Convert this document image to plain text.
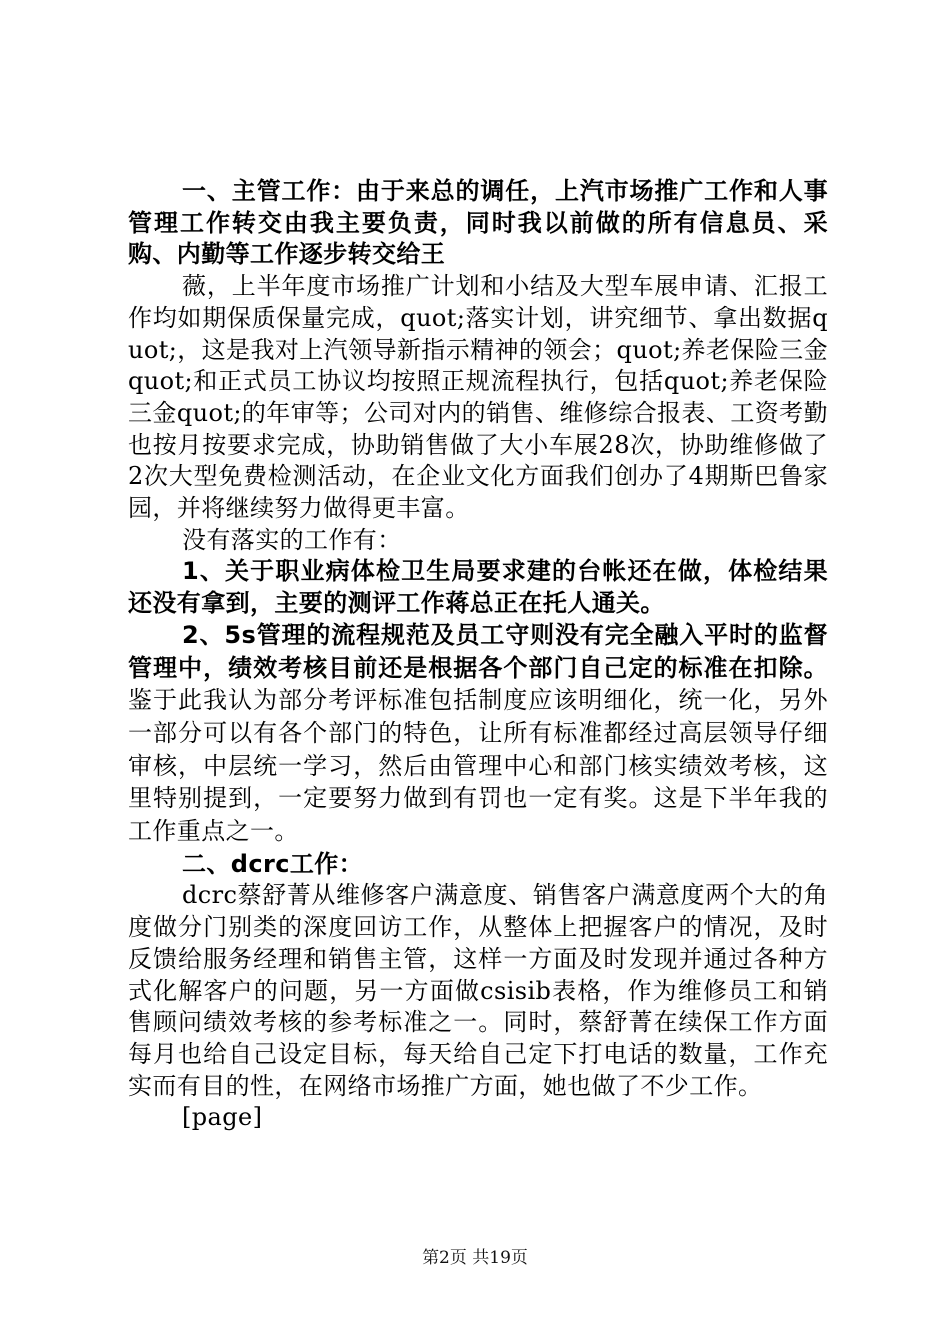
一、主管工作：由于来总的调任，上汽市场推广工作和人事管理工作转交由我主要负责，同时我以前做的所有信息员、采购、内勤等工作逐步转交给王

薇，上半年度市场推广计划和小结及大型车展申请、汇报工作均如期保质保量完成，quot;落实计划，讲究细节、拿出数据quot;，这是我对上汽领导新指示精神的领会；quot;养老保险三金quot;和正式员工协议均按照正规流程执行，包括quot;养老保险三金quot;的年审等；公司对内的销售、维修综合报表、工资考勤也按月按要求完成，协助销售做了大小车展28次，协助维修做了2次大型免费检测活动，在企业文化方面我们创办了4期斯巴鲁家园，并将继续努力做得更丰富。

没有落实的工作有：

1、关于职业病体检卫生局要求建的台帐还在做，体检结果还没有拿到，主要的测评工作蒋总正在托人通关。

2、5s管理的流程规范及员工守则没有完全融入平时的监督管理中，绩效考核目前还是根据各个部门自己定的标准在扣除。鉴于此我认为部分考评标准包括制度应该明细化，统一化，另外一部分可以有各个部门的特色，让所有标准都经过高层领导仔细审核，中层统一学习，然后由管理中心和部门核实绩效考核，这里特别提到，一定要努力做到有罚也一定有奖。这是下半年我的工作重点之一。

二、dcrc工作：

dcrc蔡舒菁从维修客户满意度、销售客户满意度两个大的角度做分门别类的深度回访工作，从整体上把握客户的情况，及时反馈给服务经理和销售主管，这样一方面及时发现并通过各种方式化解客户的问题，另一方面做csisib表格，作为维修员工和销售顾问绩效考核的参考标准之一。同时，蔡舒菁在续保工作方面每月也给自己设定目标，每天给自己定下打电话的数量，工作充实而有目的性，在网络市场推广方面，她也做了不少工作。

[page]

第2页 共19页
